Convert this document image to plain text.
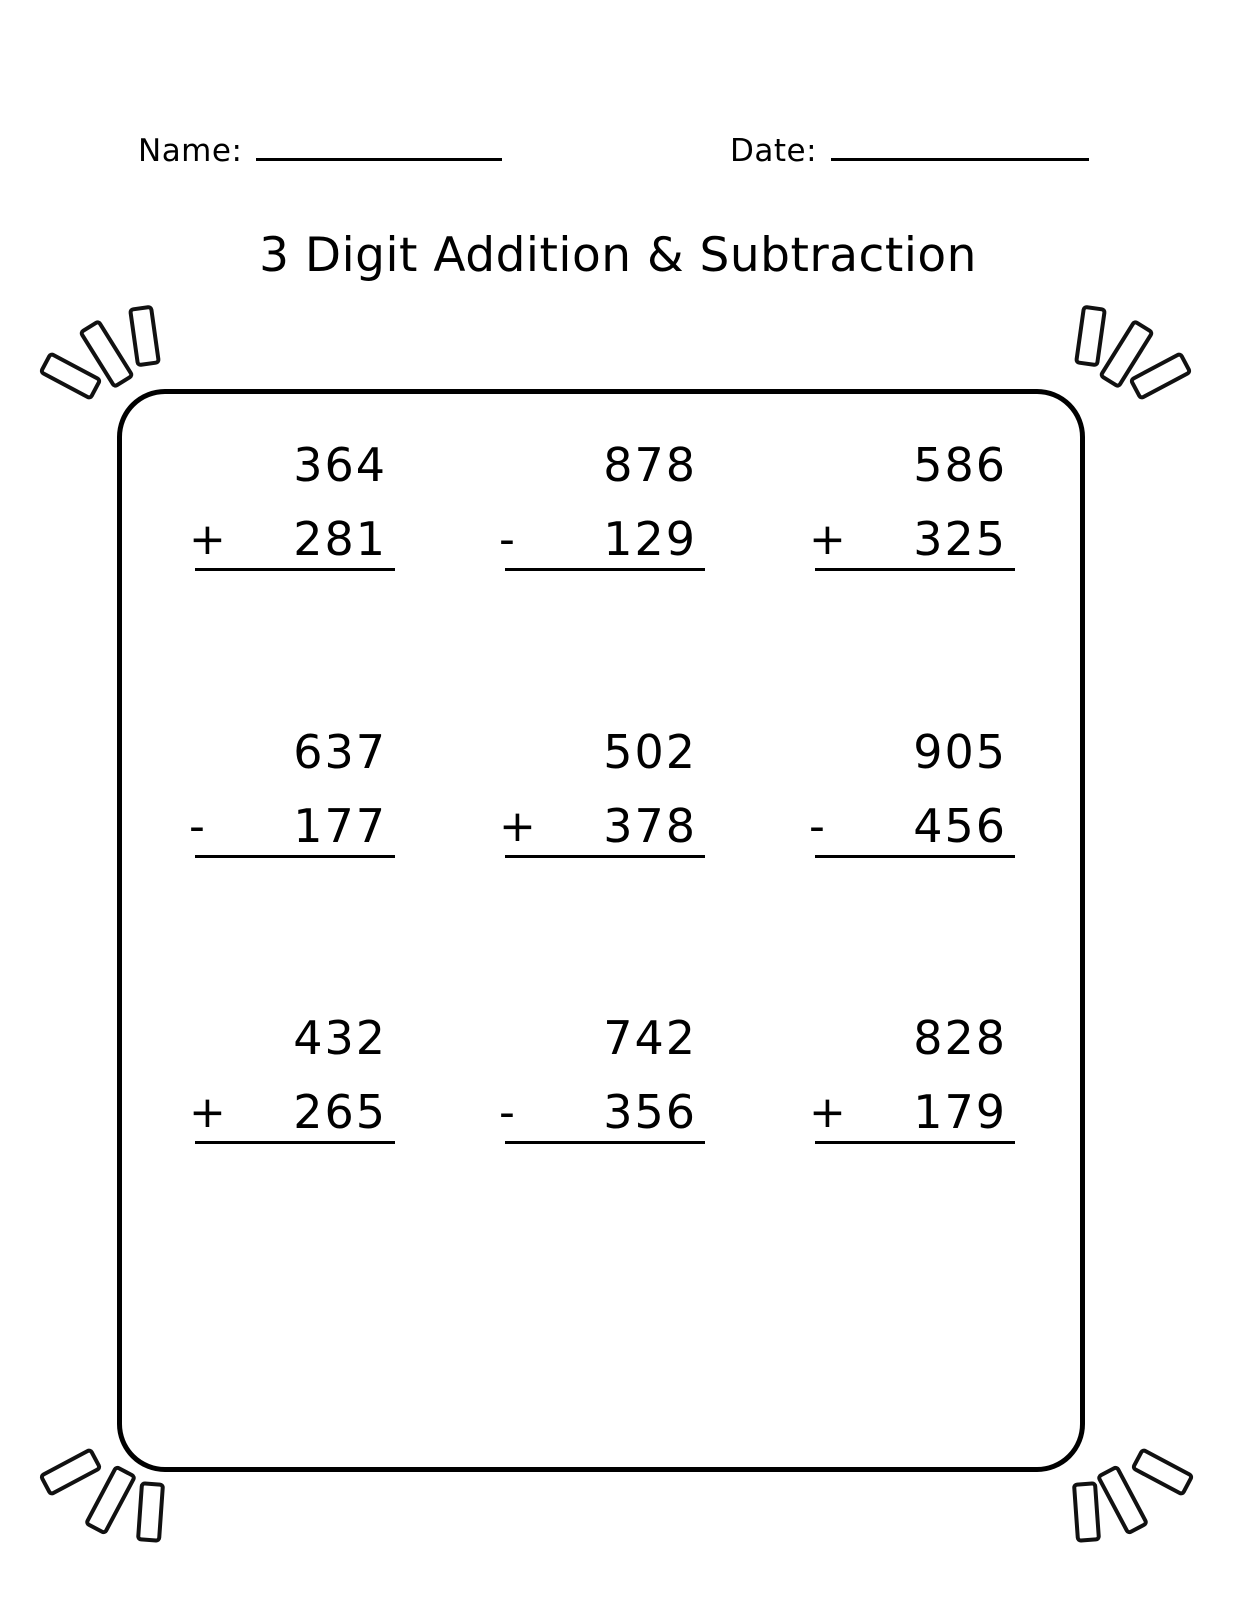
Name:	Date:
3 Digit Addition & Subtraction
364
+ 281
878
- 129
586
+ 325
637
- 177
502
+ 378
905
- 456
432
+ 265
742
- 356
828
+ 179
